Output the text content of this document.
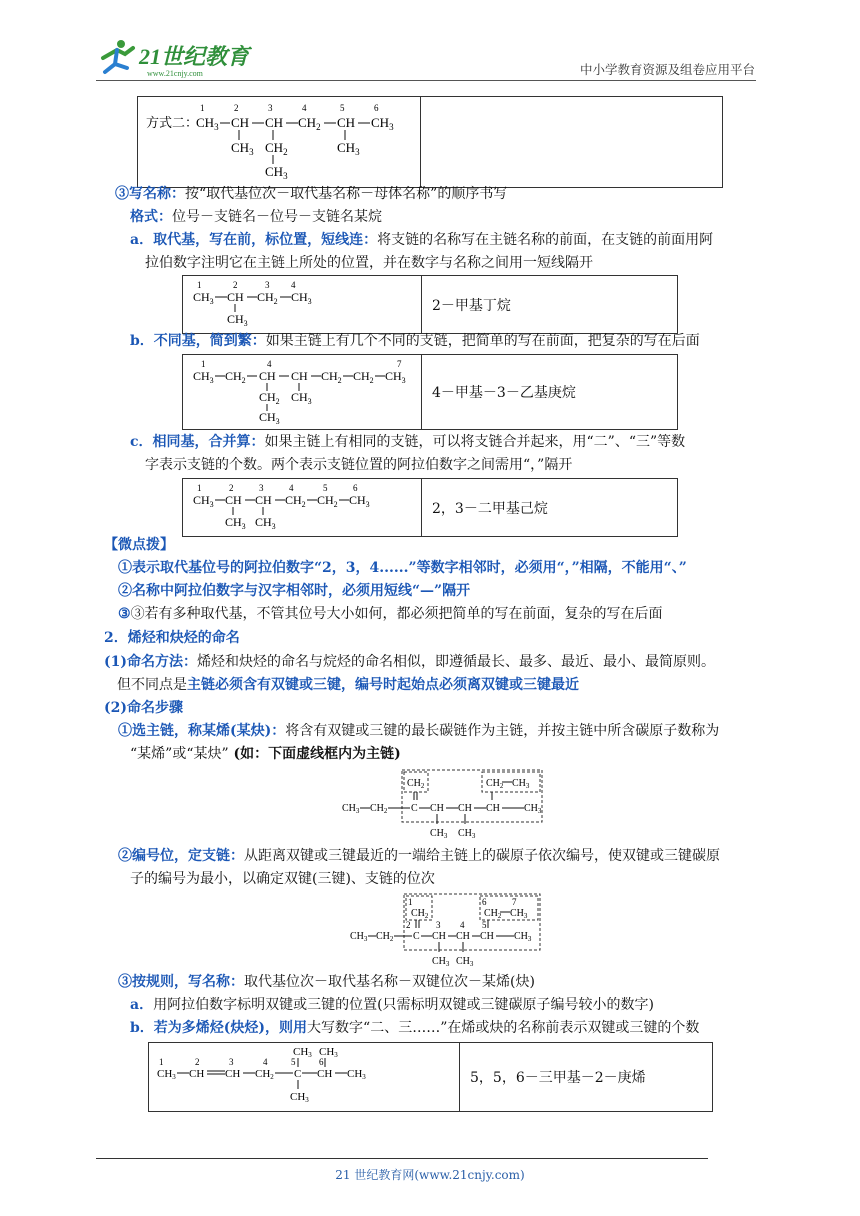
21世纪教育
www.21cnjy.com	中小学教育资源及组卷应用平台
方式二：
1	2	3	4	5	6
$CH_3$ CH CH $CH_2$ CH $CH_3$
$CH_3$ $CH_2$
$CH_3$
$CH_3$

③写名称：按“取代基位次－取代基名称－母体名称”的顺序书写
格式：位号－支链名－位号－支链名某烷
a．取代基，写在前，标位置，短线连：将支链的名称写在主链名称的前面，在支链的前面用阿
拉伯数字注明它在主链上所处的位置，并在数字与名称之间用一短线隔开
1	2	3 4
$CH_3$ CH $CH_2$ $CH_3$
$CH_3$
	2－甲基丁烷
b．不同基，简到繁：如果主链上有几个不同的支链，把简单的写在前面，把复杂的写在后面
1	4	7
$CH_3$ $CH_2$ CH CH $CH_2$ $CH_2$ $CH_3$
$CH_2$ $CH_3$
$CH_3$
	4－甲基－3－乙基庚烷
c．相同基，合并算：如果主链上有相同的支链，可以将支链合并起来，用“二”、“三”等数
字表示支链的个数。两个表示支链位置的阿拉伯数字之间需用“，”隔开
1	2	3	4	5	6
$CH_3$ CH CH $CH_2$ $CH_2$ $CH_3$
$CH_3$ $CH_3$
	2，3－二甲基己烷
【微点拨】
①表示取代基位号的阿拉伯数字“2，3，4......”等数字相邻时，必须用“，”相隔，不能用“、”
②名称中阿拉伯数字与汉字相邻时，必须用短线“—”隔开
③③若有多种取代基，不管其位号大小如何，都必须把简单的写在前面，复杂的写在后面
2．烯烃和炔烃的命名
(1)命名方法：烯烃和炔烃的命名与烷烃的命名相似，即遵循最长、最多、最近、最小、最简原则。
但不同点是主链必须含有双键或三键，编号时起始点必须离双键或三键最近
(2)命名步骤
①选主链，称某烯(某炔)：将含有双键或三键的最长碳链作为主链，并按主链中所含碳原子数称为
“某烯”或“某炔” (如：下面虚线框内为主链)
$CH_2$	$CH_2$ $CH_3$
$CH_3$ $CH_2$ C CH CH CH $CH_3$
$CH_3$ $CH_3$
②编号位，定支链：从距离双键或三键最近的一端给主链上的碳原子依次编号，使双键或三键碳原
子的编号为最小，以确定双键(三键)、支链的位次
1
$CH_2$
6	7
$CH_2$ $CH_3$
2	3 4 5
$CH_3$ $CH_2$ C CH CH CH $CH_3$
$CH_3$ $CH_3$
③按规则，写名称：取代基位次－取代基名称－双键位次－某烯(炔)
a．用阿拉伯数字标明双键或三键的位置(只需标明双键或三键碳原子编号较小的数字)
b．若为多烯烃(炔烃)，则用大写数字“二、三……”在烯或炔的名称前表示双键或三键的个数
1	2	3	4	5	6
CH3 CH3
CH3 CH CH CH2 C CH CH3
CH3
	5，5，6－三甲基－2－庚烯
21 世纪教育网(www.21cnjy.com)
